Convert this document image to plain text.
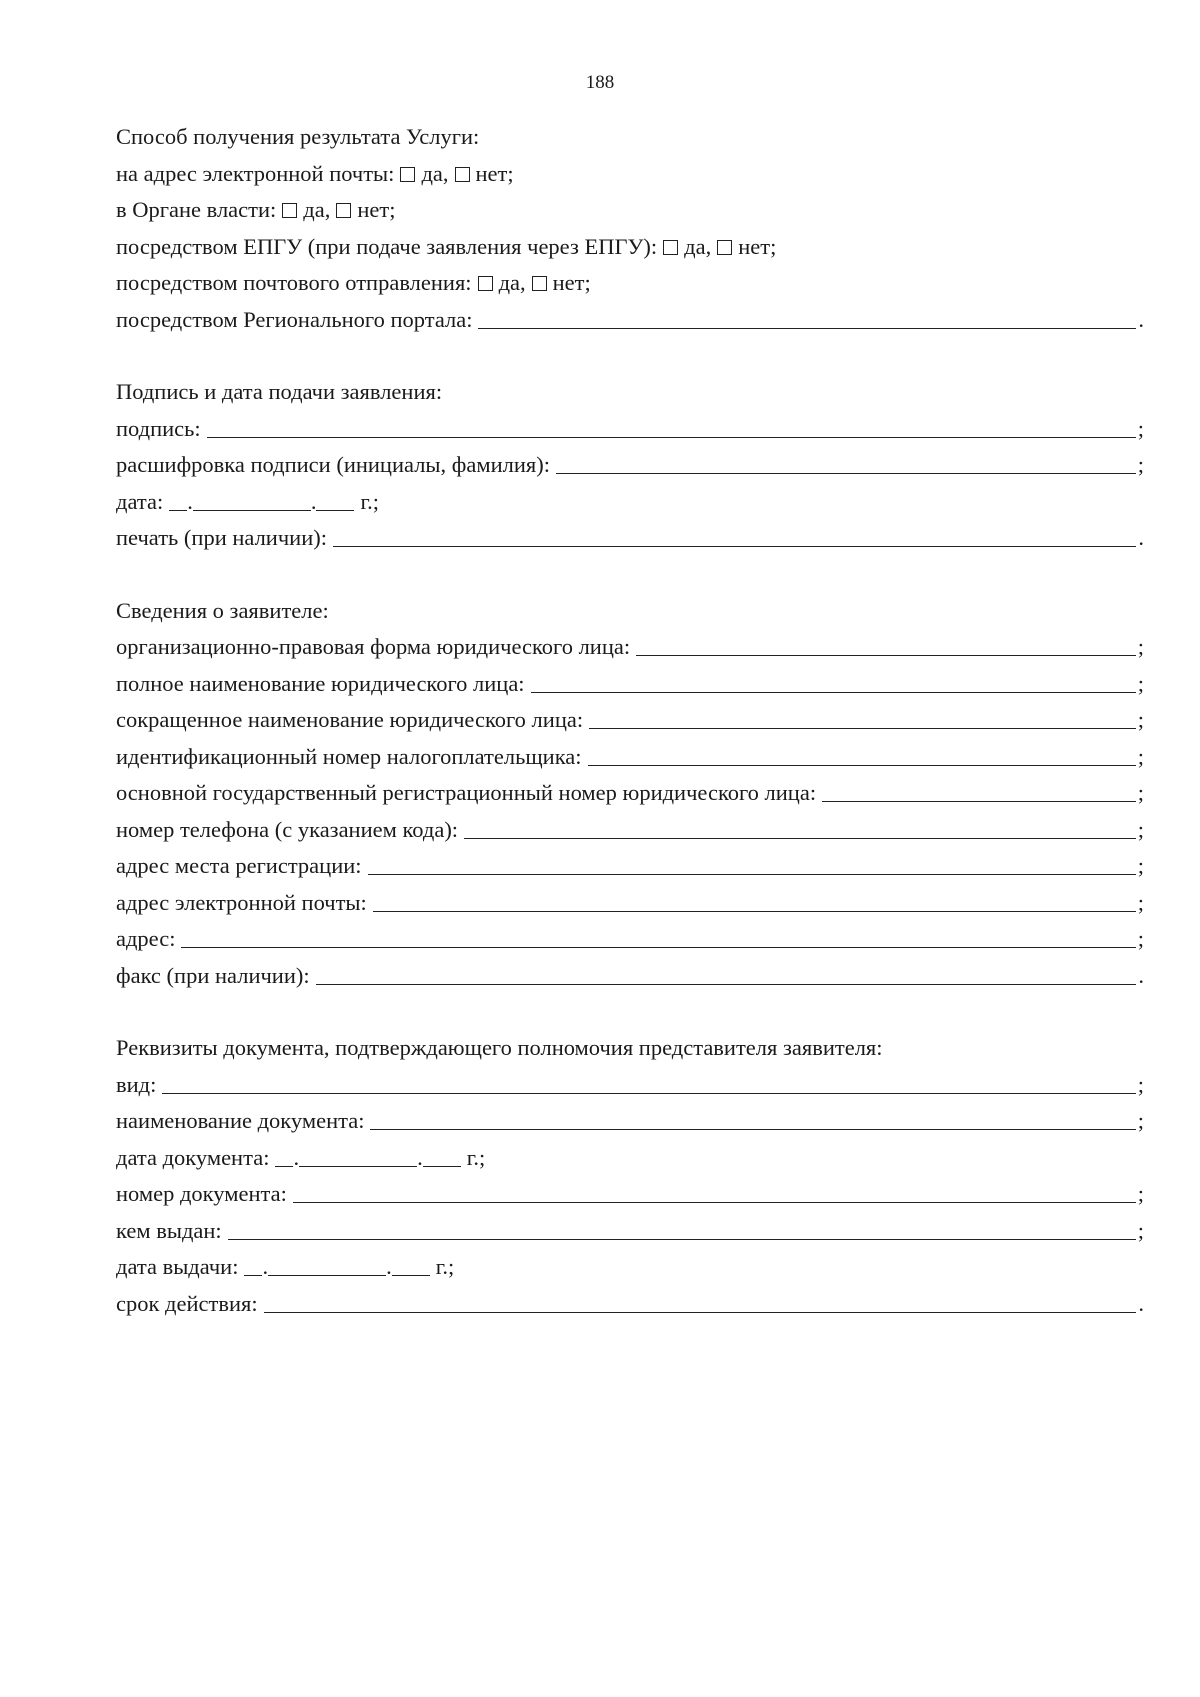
188
Способ получения результата Услуги:
на адрес электронной почты: да, нет;
в Органе власти: да, нет;
посредством ЕПГУ (при подаче заявления через ЕПГУ): да, нет;
посредством почтового отправления: да, нет;
посредством Регионального портала:	.
Подпись и дата подачи заявления:
подпись:	;
расшифровка подписи (инициалы, фамилия):	;
дата: .	. г.;
печать (при наличии):	.
Сведения о заявителе:
организационно-правовая форма юридического лица:	;
полное наименование юридического лица:	;
сокращенное наименование юридического лица:	;
идентификационный номер налогоплательщика:	;
основной государственный регистрационный номер юридического лица:	;
номер телефона (с указанием кода):	;
адрес места регистрации:	;
адрес электронной почты:	;
адрес:	;
факс (при наличии):	.
Реквизиты документа, подтверждающего полномочия представителя заявителя:
вид:	;
наименование документа:	;
дата документа: .	. г.;
номер документа:	;
кем выдан:	;
дата выдачи: .	. г.;
срок действия:	.
